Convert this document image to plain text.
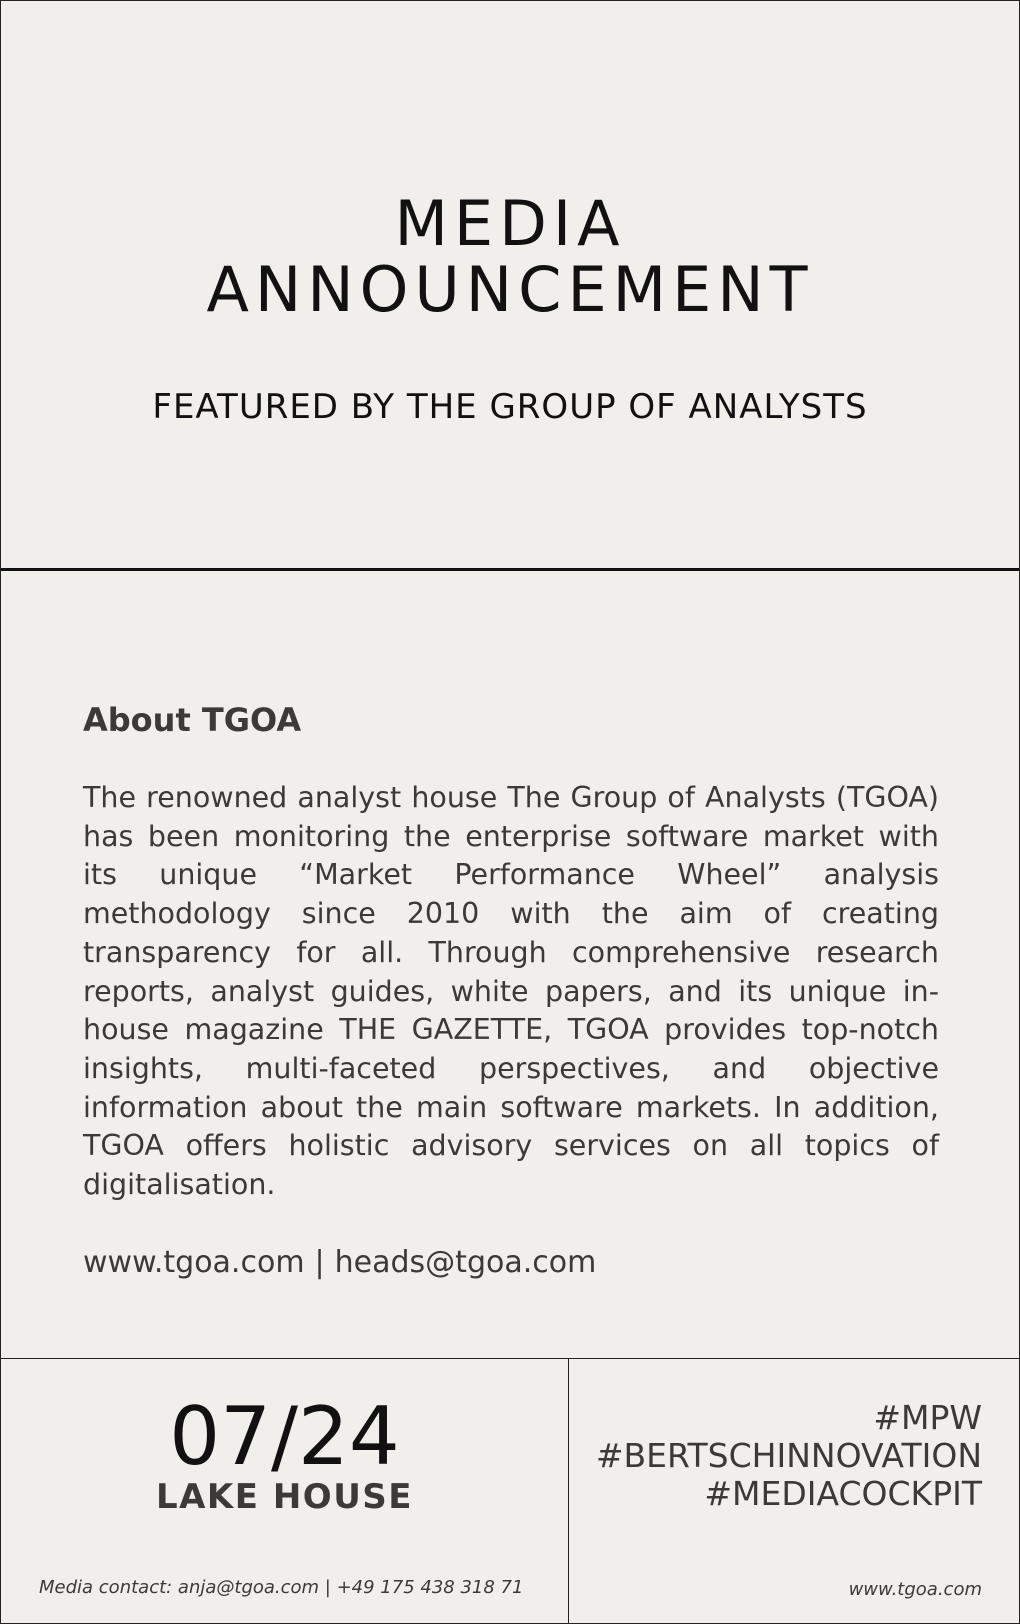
MEDIA
ANNOUNCEMENT
FEATURED BY THE GROUP OF ANALYSTS
About TGOA

The renowned analyst house The Group of Analysts (TGOA) has been monitoring the enterprise software market with its unique “Market Performance Wheel” analysis methodology since 2010 with the aim of creating transparency for all. Through comprehensive research reports, analyst guides, white papers, and its unique in-house magazine THE GAZETTE, TGOA provides top-notch insights, multi-faceted perspectives, and objective information about the main software markets. In addition, TGOA offers holistic advisory services on all topics of digitalisation.

www.tgoa.com | heads@tgoa.com
07/24
LAKE HOUSE
Media contact: anja@tgoa.com | +49 175 438 318 71
#MPW
#BERTSCHINNOVATION
#MEDIACOCKPIT
www.tgoa.com
